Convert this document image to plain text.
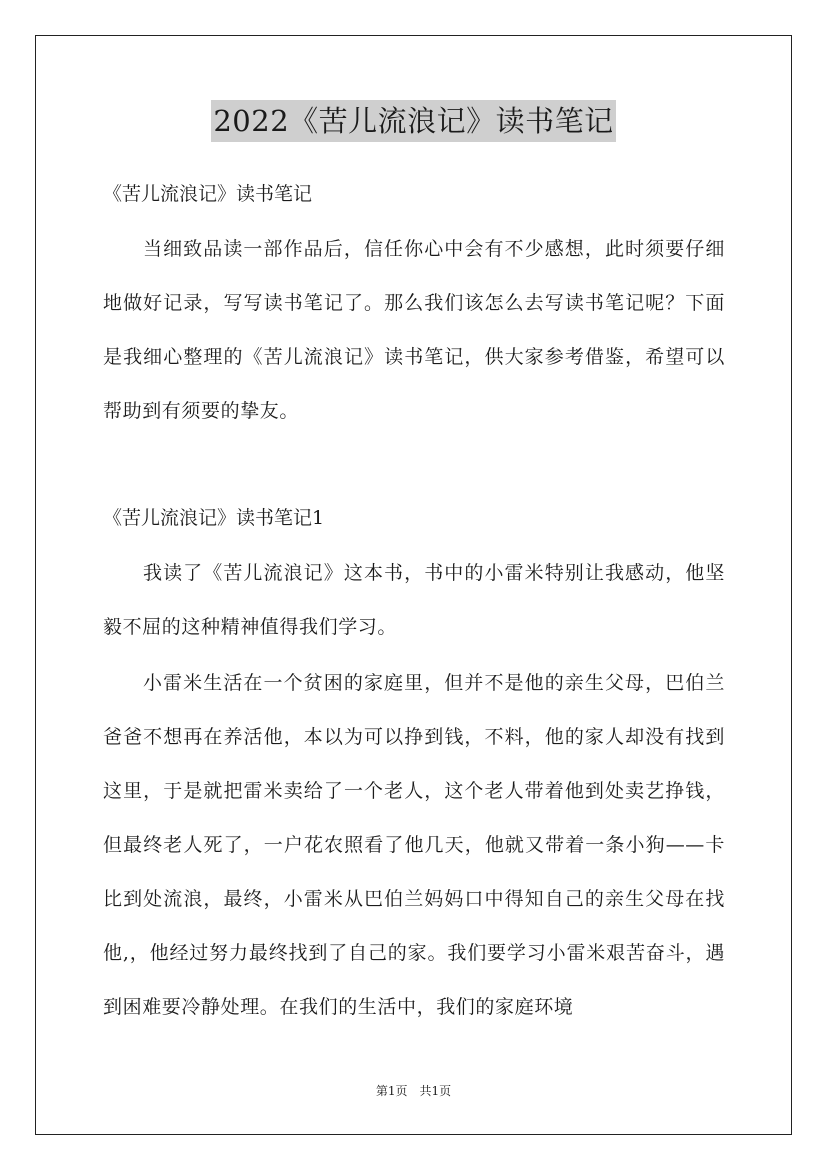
2022《苦儿流浪记》读书笔记
《苦儿流浪记》读书笔记
当细致品读一部作品后，信任你心中会有不少感想，此时须要仔细地做好记录，写写读书笔记了。那么我们该怎么去写读书笔记呢？下面是我细心整理的《苦儿流浪记》读书笔记，供大家参考借鉴，希望可以帮助到有须要的挚友。
《苦儿流浪记》读书笔记1
我读了《苦儿流浪记》这本书，书中的小雷米特别让我感动，他坚毅不屈的这种精神值得我们学习。
小雷米生活在一个贫困的家庭里，但并不是他的亲生父母，巴伯兰爸爸不想再在养活他，本以为可以挣到钱，不料，他的家人却没有找到这里，于是就把雷米卖给了一个老人，这个老人带着他到处卖艺挣钱，但最终老人死了，一户花农照看了他几天，他就又带着一条小狗——卡比到处流浪，最终，小雷米从巴伯兰妈妈口中得知自己的亲生父母在找他,，他经过努力最终找到了自己的家。我们要学习小雷米艰苦奋斗，遇到困难要冷静处理。在我们的生活中，我们的家庭环境
第1页　共1页
